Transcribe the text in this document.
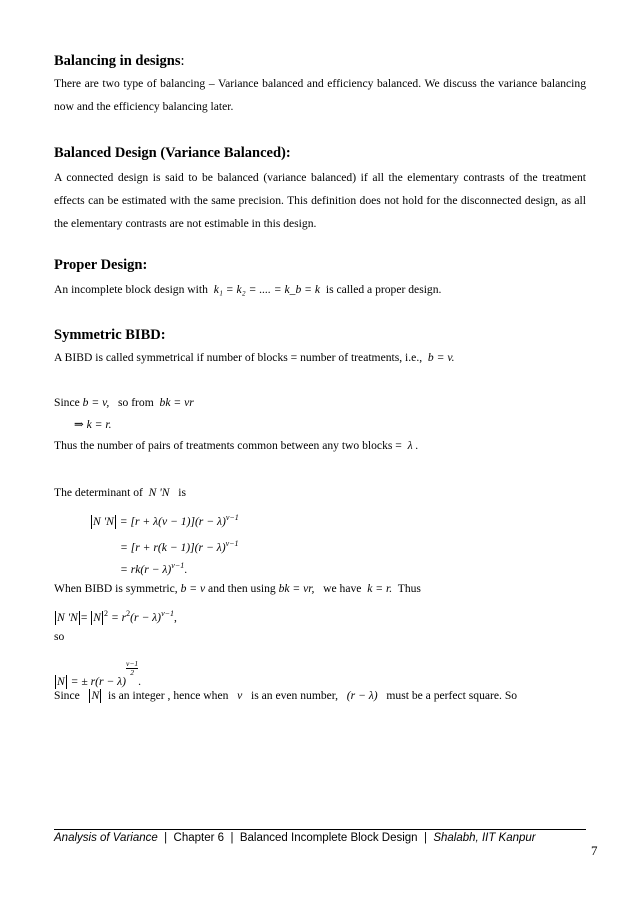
Balancing in designs:

There are two type of balancing – Variance balanced and efficiency balanced. We discuss the variance balancing now and the efficiency balancing later.

Balanced Design (Variance Balanced):

A connected design is said to be balanced (variance balanced) if all the elementary contrasts of the treatment effects can be estimated with the same precision. This definition does not hold for the disconnected design, as all the elementary contrasts are not estimable in this design.

Proper Design:

An incomplete block design with k₁ = k₂ = .... = k_b = k is called a proper design.

Symmetric BIBD:
A BIBD is called symmetrical if number of blocks = number of treatments, i.e., b = v.
Since b = v, so from bk = vr
⇒ k = r.
Thus the number of pairs of treatments common between any two blocks = λ .
The determinant of N 'N is
N '$N = [r + \lambda(v - 1)](r - \lambda)^{v-1}$
= $[r + r(k - 1)](r - \lambda)^{v-1}$
= $rk(r - \lambda)^{v-1}$.
When BIBD is symmetric, b = v and then using bk = vr, we have k = r. Thus
N 'N = N $^2 = r^2(r - \lambda)^{v-1}$,
so
N = ± r(r − λ)
$\frac{v-1}{2}$
.
Since N is an integer , hence when v is an even number, (r − λ) must be a perfect square. So
Analysis of Variance | Chapter 6 | Balanced Incomplete Block Design | Shalabh, IIT Kanpur
7
